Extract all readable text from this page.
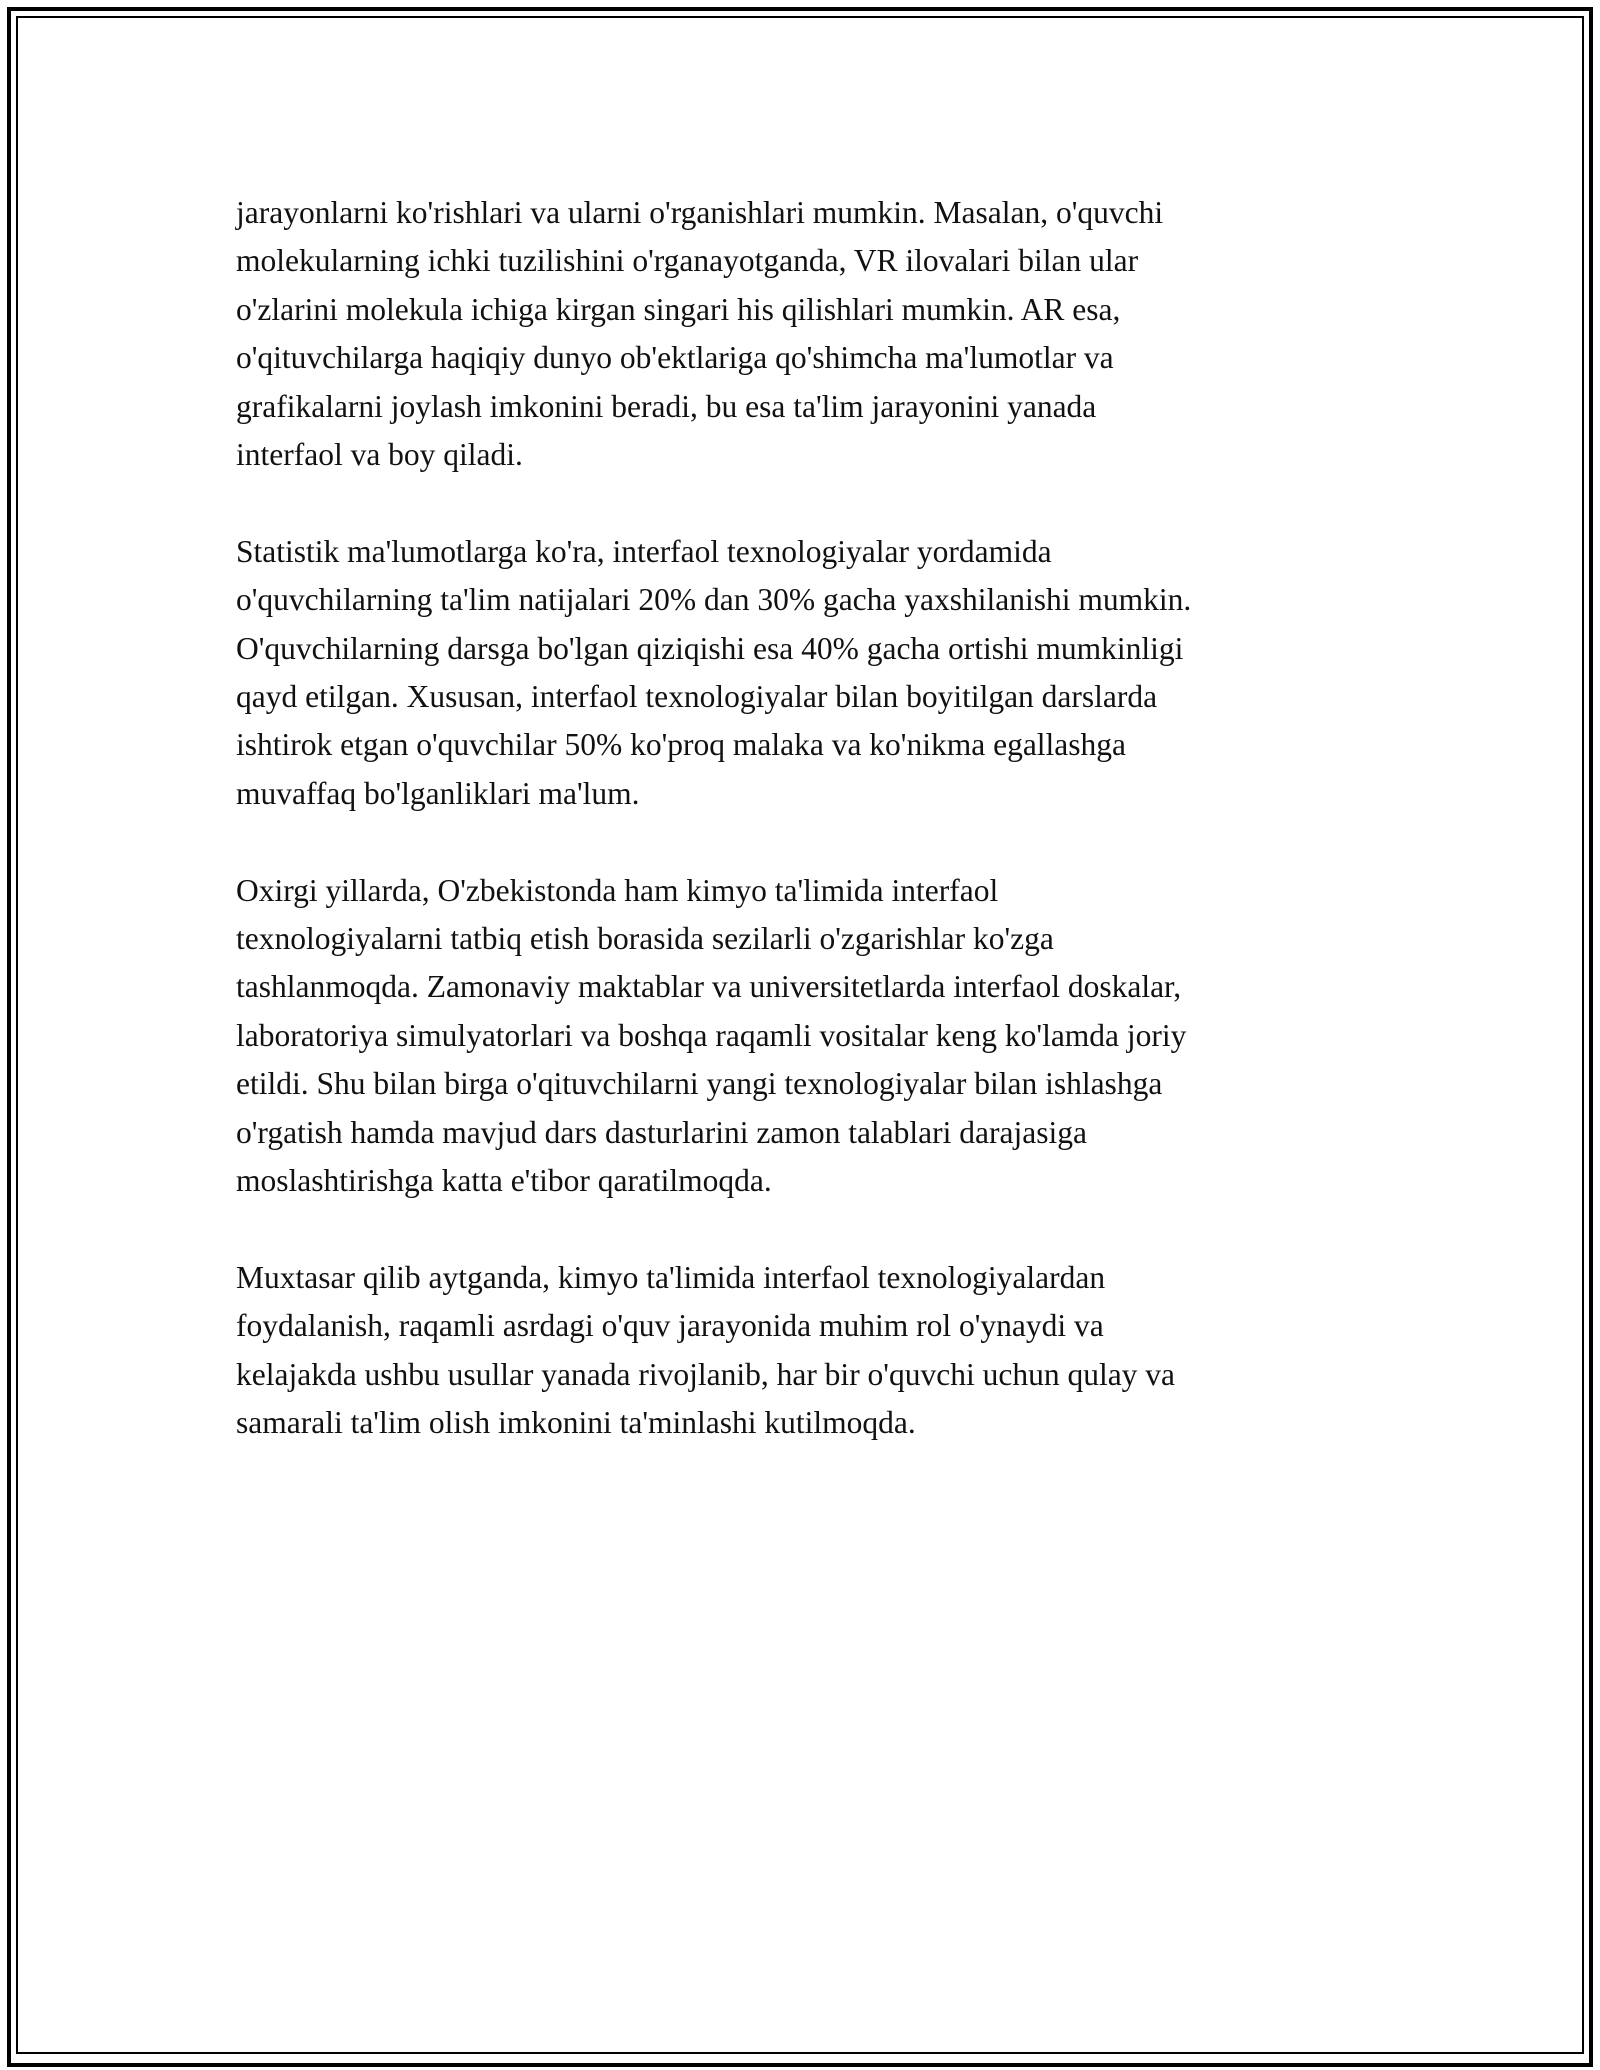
jarayonlarni ko'rishlari va ularni o'rganishlari mumkin. Masalan, o'quvchi
molekularning ichki tuzilishini o'rganayotganda, VR ilovalari bilan ular
o'zlarini molekula ichiga kirgan singari his qilishlari mumkin. AR esa,
o'qituvchilarga haqiqiy dunyo ob'ektlariga qo'shimcha ma'lumotlar va
grafikalarni joylash imkonini beradi, bu esa ta'lim jarayonini yanada
interfaol va boy qiladi.

Statistik ma'lumotlarga ko'ra, interfaol texnologiyalar yordamida
o'quvchilarning ta'lim natijalari 20% dan 30% gacha yaxshilanishi mumkin.
O'quvchilarning darsga bo'lgan qiziqishi esa 40% gacha ortishi mumkinligi
qayd etilgan. Xususan, interfaol texnologiyalar bilan boyitilgan darslarda
ishtirok etgan o'quvchilar 50% ko'proq malaka va ko'nikma egallashga
muvaffaq bo'lganliklari ma'lum.

Oxirgi yillarda, O'zbekistonda ham kimyo ta'limida interfaol
texnologiyalarni tatbiq etish borasida sezilarli o'zgarishlar ko'zga
tashlanmoqda. Zamonaviy maktablar va universitetlarda interfaol doskalar,
laboratoriya simulyatorlari va boshqa raqamli vositalar keng ko'lamda joriy
etildi. Shu bilan birga o'qituvchilarni yangi texnologiyalar bilan ishlashga
o'rgatish hamda mavjud dars dasturlarini zamon talablari darajasiga
moslashtirishga katta e'tibor qaratilmoqda.

Muxtasar qilib aytganda, kimyo ta'limida interfaol texnologiyalardan
foydalanish, raqamli asrdagi o'quv jarayonida muhim rol o'ynaydi va
kelajakda ushbu usullar yanada rivojlanib, har bir o'quvchi uchun qulay va
samarali ta'lim olish imkonini ta'minlashi kutilmoqda.
